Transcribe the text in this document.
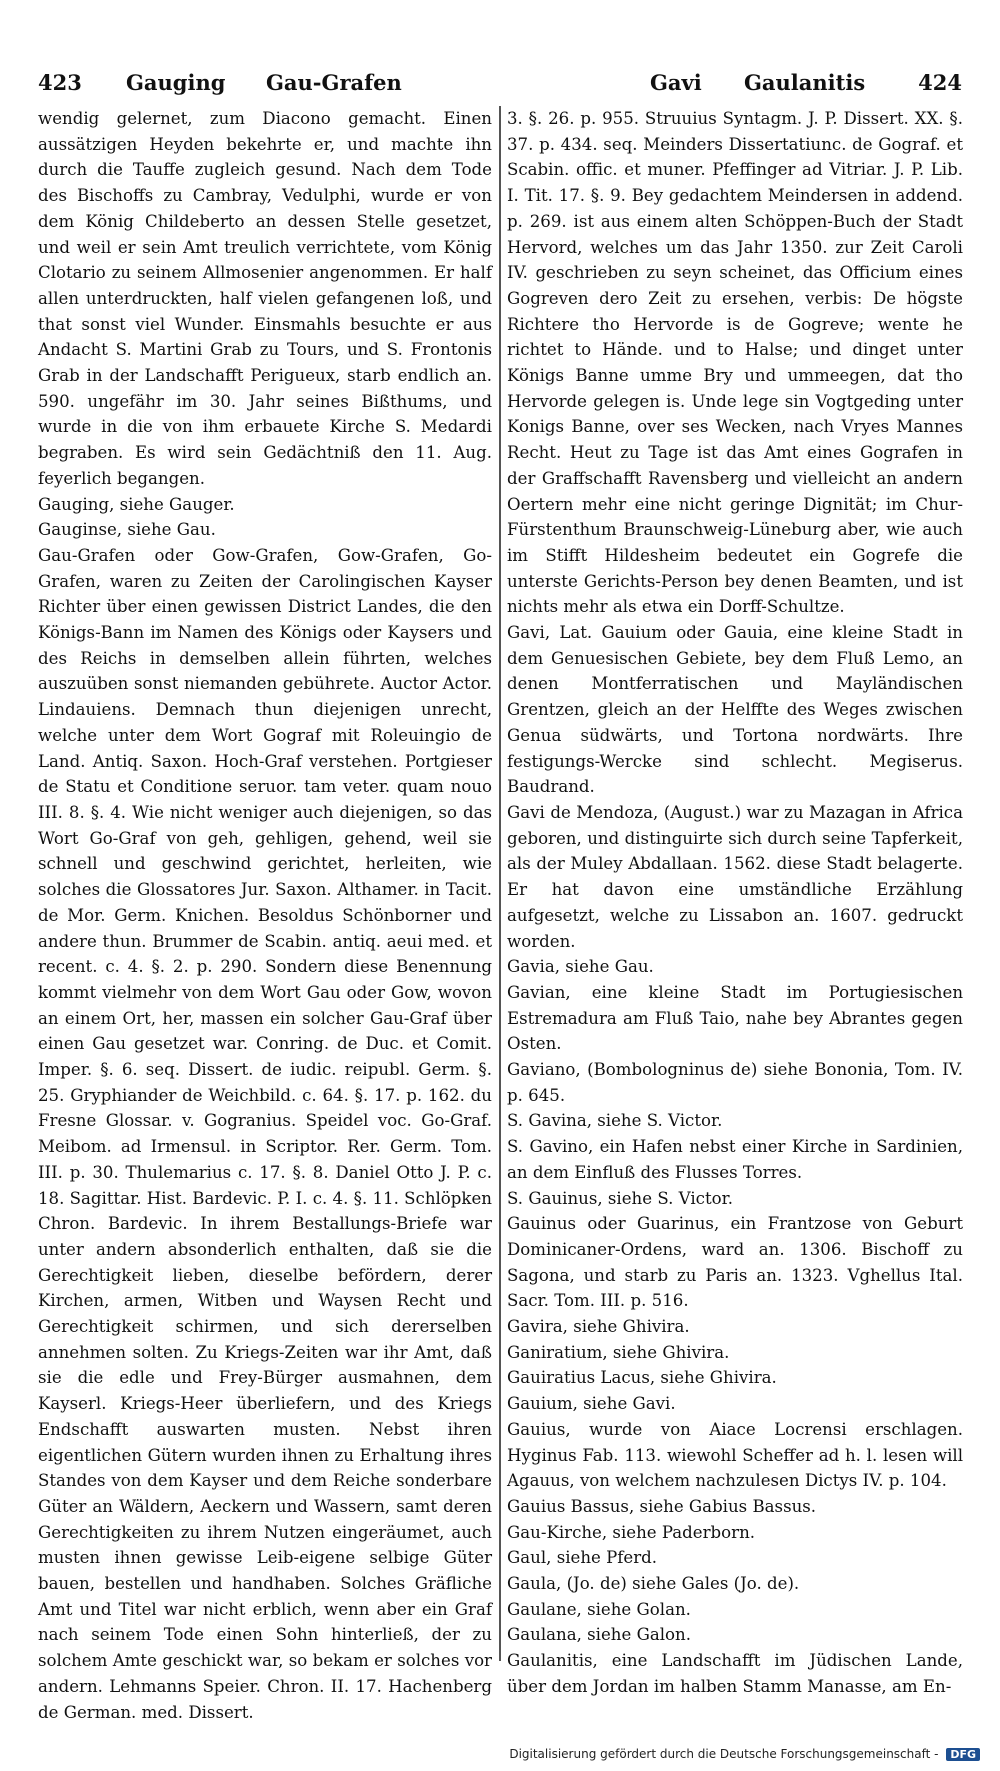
423 Gauging Gau-Grafen	Gavi Gaulanitis	424

wendig gelernet, zum Diacono gemacht. Einen aussätzigen Heyden bekehrte er, und machte ihn durch die Tauffe zugleich gesund. Nach dem Tode des Bischoffs zu Cambray, Vedulphi, wurde er von dem König Childeberto an dessen Stelle gesetzet, und weil er sein Amt treulich verrichtete, vom König Clotario zu seinem Allmosenier angenommen. Er half allen unterdruckten, half vielen gefangenen loß, und that sonst viel Wunder. Einsmahls besuchte er aus Andacht S. Martini Grab zu Tours, und S. Frontonis Grab in der Landschafft Perigueux, starb endlich an. 590. ungefähr im 30. Jahr seines Bißthums, und wurde in die von ihm erbauete Kirche S. Medardi begraben. Es wird sein Gedächtniß den 11. Aug. feyerlich begangen.

Gauging, siehe Gauger.

Gauginse, siehe Gau.

Gau-Grafen oder Gow-Grafen, Gow-Grafen, Go-Grafen, waren zu Zeiten der Carolingischen Kayser Richter über einen gewissen District Landes, die den Königs-Bann im Namen des Königs oder Kaysers und des Reichs in demselben allein führten, welches auszuüben sonst niemanden gebührete. Auctor Actor. Lindauiens. Demnach thun diejenigen unrecht, welche unter dem Wort Gograf mit Roleuingio de Land. Antiq. Saxon. Hoch-Graf verstehen. Portgieser de Statu et Conditione seruor. tam veter. quam nouo III. 8. §. 4. Wie nicht weniger auch diejenigen, so das Wort Go-Graf von geh, gehligen, gehend, weil sie schnell und geschwind gerichtet, herleiten, wie solches die Glossatores Jur. Saxon. Althamer. in Tacit. de Mor. Germ. Knichen. Besoldus Schönborner und andere thun. Brummer de Scabin. antiq. aeui med. et recent. c. 4. §. 2. p. 290. Sondern diese Benennung kommt vielmehr von dem Wort Gau oder Gow, wovon an einem Ort, her, massen ein solcher Gau-Graf über einen Gau gesetzet war. Conring. de Duc. et Comit. Imper. §. 6. seq. Dissert. de iudic. reipubl. Germ. §. 25. Gryphiander de Weichbild. c. 64. §. 17. p. 162. du Fresne Glossar. v. Gogranius. Speidel voc. Go-Graf. Meibom. ad Irmensul. in Scriptor. Rer. Germ. Tom. III. p. 30. Thulemarius c. 17. §. 8. Daniel Otto J. P. c. 18. Sagittar. Hist. Bardevic. P. I. c. 4. §. 11. Schlöpken Chron. Bardevic. In ihrem Bestallungs-Briefe war unter andern absonderlich enthalten, daß sie die Gerechtigkeit lieben, dieselbe befördern, derer Kirchen, armen, Witben und Waysen Recht und Gerechtigkeit schirmen, und sich dererselben annehmen solten. Zu Kriegs-Zeiten war ihr Amt, daß sie die edle und Frey-Bürger ausmahnen, dem Kayserl. Kriegs-Heer überliefern, und des Kriegs Endschafft auswarten musten. Nebst ihren eigentlichen Gütern wurden ihnen zu Erhaltung ihres Standes von dem Kayser und dem Reiche sonderbare Güter an Wäldern, Aeckern und Wassern, samt deren Gerechtigkeiten zu ihrem Nutzen eingeräumet, auch musten ihnen gewisse Leib-eigene selbige Güter bauen, bestellen und handhaben. Solches Gräfliche Amt und Titel war nicht erblich, wenn aber ein Graf nach seinem Tode einen Sohn hinterließ, der zu solchem Amte geschickt war, so bekam er solches vor andern. Lehmanns Speier. Chron. II. 17. Hachenberg de German. med. Dissert.

3. §. 26. p. 955. Struuius Syntagm. J. P. Dissert. XX. §. 37. p. 434. seq. Meinders Dissertatiunc. de Gograf. et Scabin. offic. et muner. Pfeffinger ad Vitriar. J. P. Lib. I. Tit. 17. §. 9. Bey gedachtem Meindersen in addend. p. 269. ist aus einem alten Schöppen-Buch der Stadt Hervord, welches um das Jahr 1350. zur Zeit Caroli IV. geschrieben zu seyn scheinet, das Officium eines Gogreven dero Zeit zu ersehen, verbis: De högste Richtere tho Hervorde is de Gogreve; wente he richtet to Hände. und to Halse; und dinget unter Königs Banne umme Bry und ummeegen, dat tho Hervorde gelegen is. Unde lege sin Vogtgeding unter Konigs Banne, over ses Wecken, nach Vryes Mannes Recht. Heut zu Tage ist das Amt eines Gografen in der Graffschafft Ravensberg und vielleicht an andern Oertern mehr eine nicht geringe Dignität; im Chur-Fürstenthum Braunschweig-Lüneburg aber, wie auch im Stifft Hildesheim bedeutet ein Gogrefe die unterste Gerichts-Person bey denen Beamten, und ist nichts mehr als etwa ein Dorff-Schultze.

Gavi, Lat. Gauium oder Gauia, eine kleine Stadt in dem Genuesischen Gebiete, bey dem Fluß Lemo, an denen Montferratischen und Mayländischen Grentzen, gleich an der Helffte des Weges zwischen Genua südwärts, und Tortona nordwärts. Ihre festigungs-Wercke sind schlecht. Megiserus. Baudrand.

Gavi de Mendoza, (August.) war zu Mazagan in Africa geboren, und distinguirte sich durch seine Tapferkeit, als der Muley Abdallaan. 1562. diese Stadt belagerte. Er hat davon eine umständliche Erzählung aufgesetzt, welche zu Lissabon an. 1607. gedruckt worden.

Gavia, siehe Gau.

Gavian, eine kleine Stadt im Portugiesischen Estremadura am Fluß Taio, nahe bey Abrantes gegen Osten.

Gaviano, (Bombologninus de) siehe Bononia, Tom. IV. p. 645.

S. Gavina, siehe S. Victor.

S. Gavino, ein Hafen nebst einer Kirche in Sardinien, an dem Einfluß des Flusses Torres.

S. Gauinus, siehe S. Victor.

Gauinus oder Guarinus, ein Frantzose von Geburt Dominicaner-Ordens, ward an. 1306. Bischoff zu Sagona, und starb zu Paris an. 1323. Vghellus Ital. Sacr. Tom. III. p. 516.

Gavira, siehe Ghivira.

Ganiratium, siehe Ghivira.

Gauiratius Lacus, siehe Ghivira.

Gauium, siehe Gavi.

Gauius, wurde von Aiace Locrensi erschlagen. Hyginus Fab. 113. wiewohl Scheffer ad h. l. lesen will Agauus, von welchem nachzulesen Dictys IV. p. 104.

Gauius Bassus, siehe Gabius Bassus.

Gau-Kirche, siehe Paderborn.

Gaul, siehe Pferd.

Gaula, (Jo. de) siehe Gales (Jo. de).

Gaulane, siehe Golan.

Gaulana, siehe Galon.

Gaulanitis, eine Landschafft im Jüdischen Lande, über dem Jordan im halben Stamm Manasse, am En-

Digitalisierung gefördert durch die Deutsche Forschungsgemeinschaft - DFG
